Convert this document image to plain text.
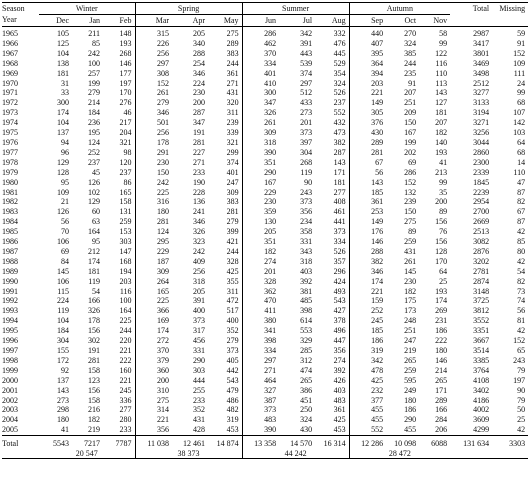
Season	Winter			Spring			Summer			Autumn			Total	Missing
Year	Dec	Jan	Feb	Mar	Apr	May	Jun	Jul	Aug	Sep	Oct	Nov		
1965	105	211	148	315	205	275	286	342	332	440	270	58	2987	59
1966	125	85	193	226	340	289	462	391	476	407	324	99	3417	91
1967	104	242	268	256	288	383	370	443	445	395	385	122	3801	152
1968	138	100	146	297	254	244	334	539	529	364	244	116	3469	109
1969	181	257	177	308	346	361	401	374	354	394	235	110	3498	111
1970	31	199	197	152	224	271	410	297	324	203	91	113	2512	24
1971	33	279	170	261	230	431	300	512	526	221	207	143	3277	99
1972	300	214	276	279	200	320	347	433	237	149	251	127	3133	68
1973	174	184	46	346	287	311	326	273	552	305	209	181	3194	107
1974	104	236	217	501	347	239	261	201	432	376	150	207	3271	142
1975	137	195	204	256	191	339	309	373	473	430	167	182	3256	103
1976	94	124	321	178	281	321	318	397	382	289	199	140	3044	64
1977	96	252	98	291	227	299	390	304	287	281	202	193	2860	68
1978	129	237	120	230	271	374	351	268	143	67	69	41	2300	14
1979	128	45	237	150	233	401	290	119	171	56	286	213	2339	110
1980	95	126	86	242	190	247	167	90	181	143	152	99	1845	47
1981	109	102	165	225	228	309	229	243	277	185	132	35	2239	87
1982	21	129	158	316	136	383	230	373	408	361	239	200	2954	82
1983	126	60	131	180	241	281	359	356	461	253	150	89	2700	67
1984	56	63	259	281	346	279	130	234	441	149	275	156	2669	87
1985	70	164	153	124	326	399	205	358	373	176	89	76	2513	42
1986	106	95	303	295	323	421	351	331	334	146	259	156	3082	85
1987	69	212	147	229	242	244	182	343	526	288	431	128	2876	80
1988	84	174	168	187	409	328	274	318	357	382	261	170	3202	42
1989	145	181	194	309	256	425	201	403	296	346	145	64	2781	54
1990	106	119	203	264	318	355	328	392	424	174	230	25	2874	82
1991	115	54	116	165	205	311	362	381	493	221	182	193	3148	73
1992	224	166	100	225	391	472	470	485	543	159	175	174	3725	74
1993	119	326	164	366	400	517	411	398	427	252	173	269	3812	56
1994	104	178	225	169	373	400	380	614	378	245	248	231	3552	81
1995	184	156	244	174	317	352	341	553	496	185	251	186	3351	42
1996	304	302	220	272	456	279	398	329	447	186	247	222	3667	152
1997	155	191	221	370	331	373	334	285	356	319	219	180	3514	65
1998	172	281	222	379	290	405	297	312	274	342	265	146	3385	243
1999	92	158	160	360	303	442	271	474	392	478	259	214	3764	79
2000	137	123	221	200	444	543	464	265	426	425	595	265	4108	197
2001	143	156	245	310	255	479	327	386	403	232	249	171	3402	90
2002	273	158	336	275	233	486	387	451	483	377	180	289	4186	79
2003	298	216	277	314	352	482	373	250	361	455	186	166	4002	50
2004	180	182	280	221	431	319	483	324	425	455	290	284	3609	25
2005	41	219	233	356	428	453	390	430	453	552	455	206	4299	42
Total	5543	7217	7787	11 038	12 461	14 874	13 358	14 570	16 314	12 286	10 098	6088	131 634	3303
	20 547			38 373			44 242			28 472				
